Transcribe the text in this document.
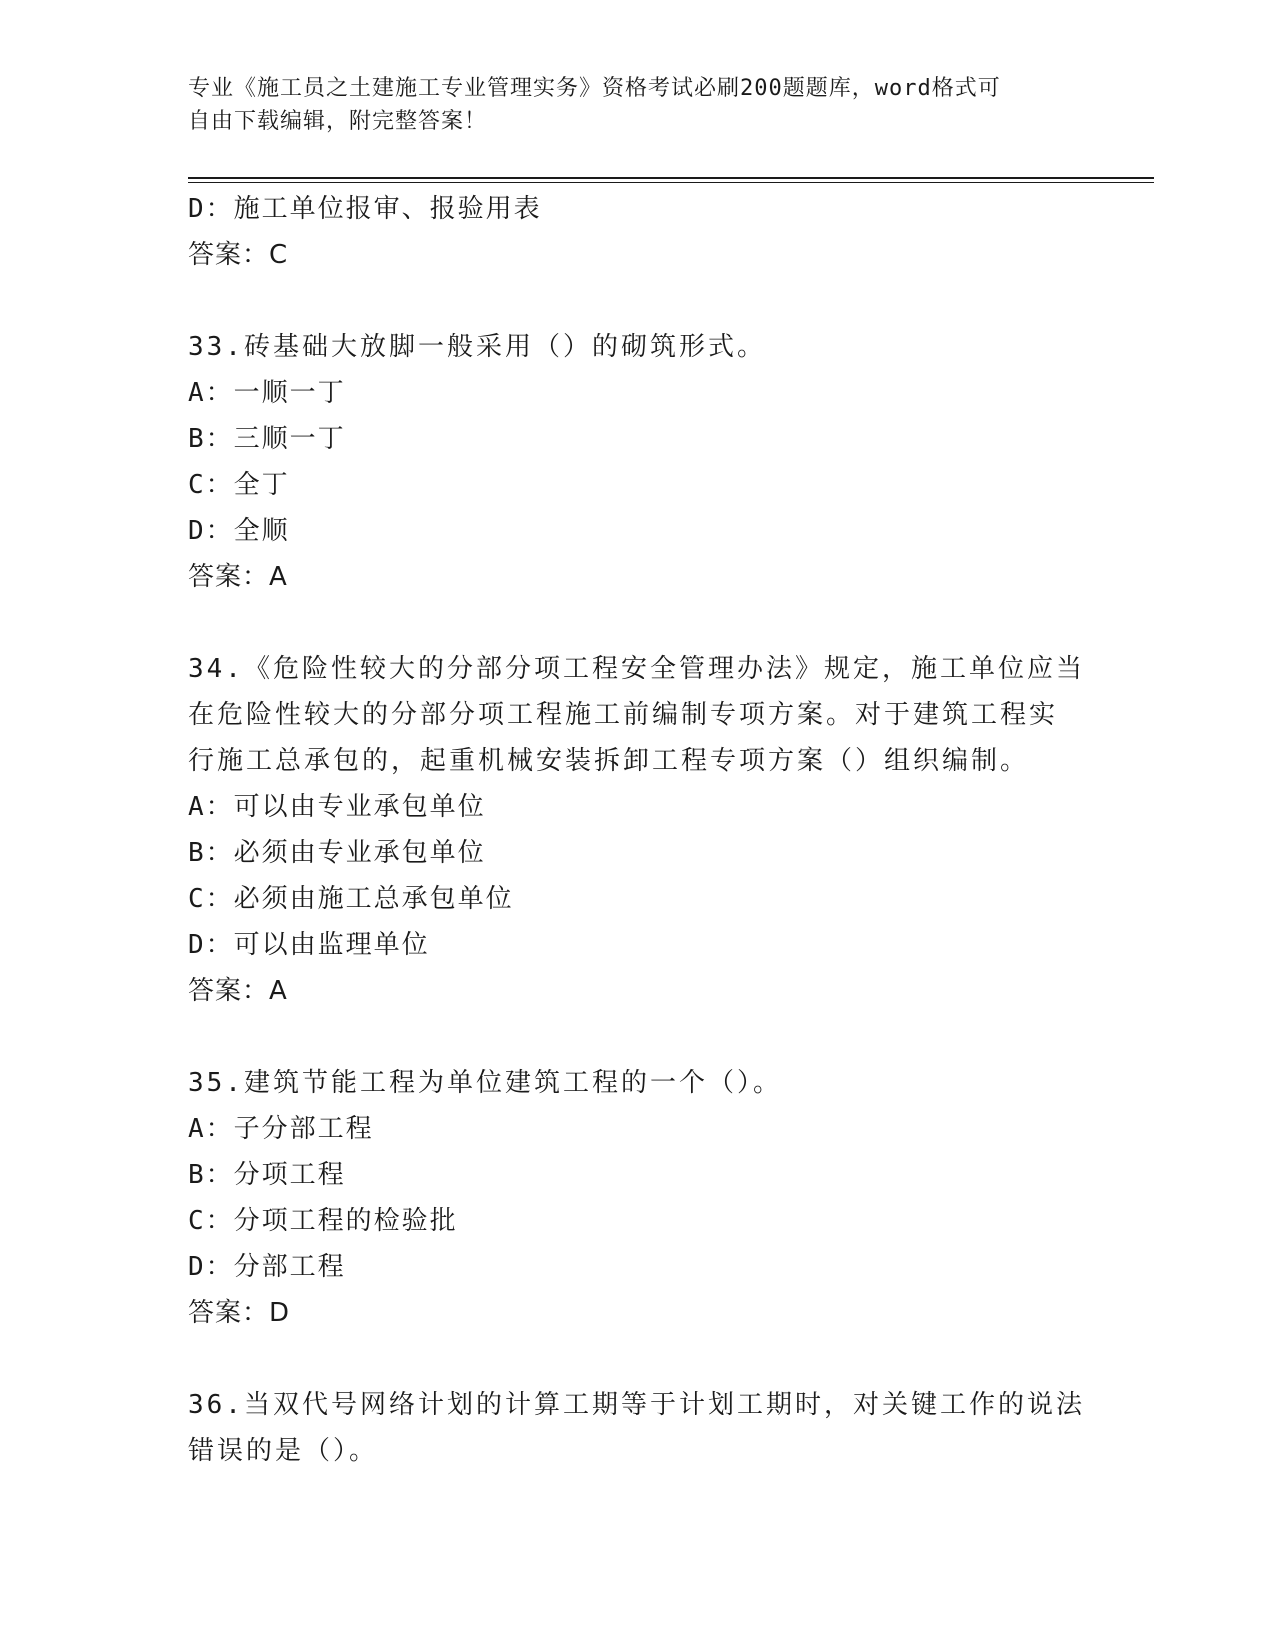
专业《施工员之土建施工专业管理实务》资格考试必刷200题题库，word格式可
自由下载编辑，附完整答案！
D：施工单位报审、报验用表
答案：C
33.砖基础大放脚一般采用（）的砌筑形式。
A：一顺一丁
B：三顺一丁
C：全丁
D：全顺
答案：A
34.《危险性较大的分部分项工程安全管理办法》规定，施工单位应当
在危险性较大的分部分项工程施工前编制专项方案。对于建筑工程实
行施工总承包的，起重机械安装拆卸工程专项方案（）组织编制。
A：可以由专业承包单位
B：必须由专业承包单位
C：必须由施工总承包单位
D：可以由监理单位
答案：A
35.建筑节能工程为单位建筑工程的一个（）。
A：子分部工程
B：分项工程
C：分项工程的检验批
D：分部工程
答案：D
36.当双代号网络计划的计算工期等于计划工期时，对关键工作的说法
错误的是（）。
